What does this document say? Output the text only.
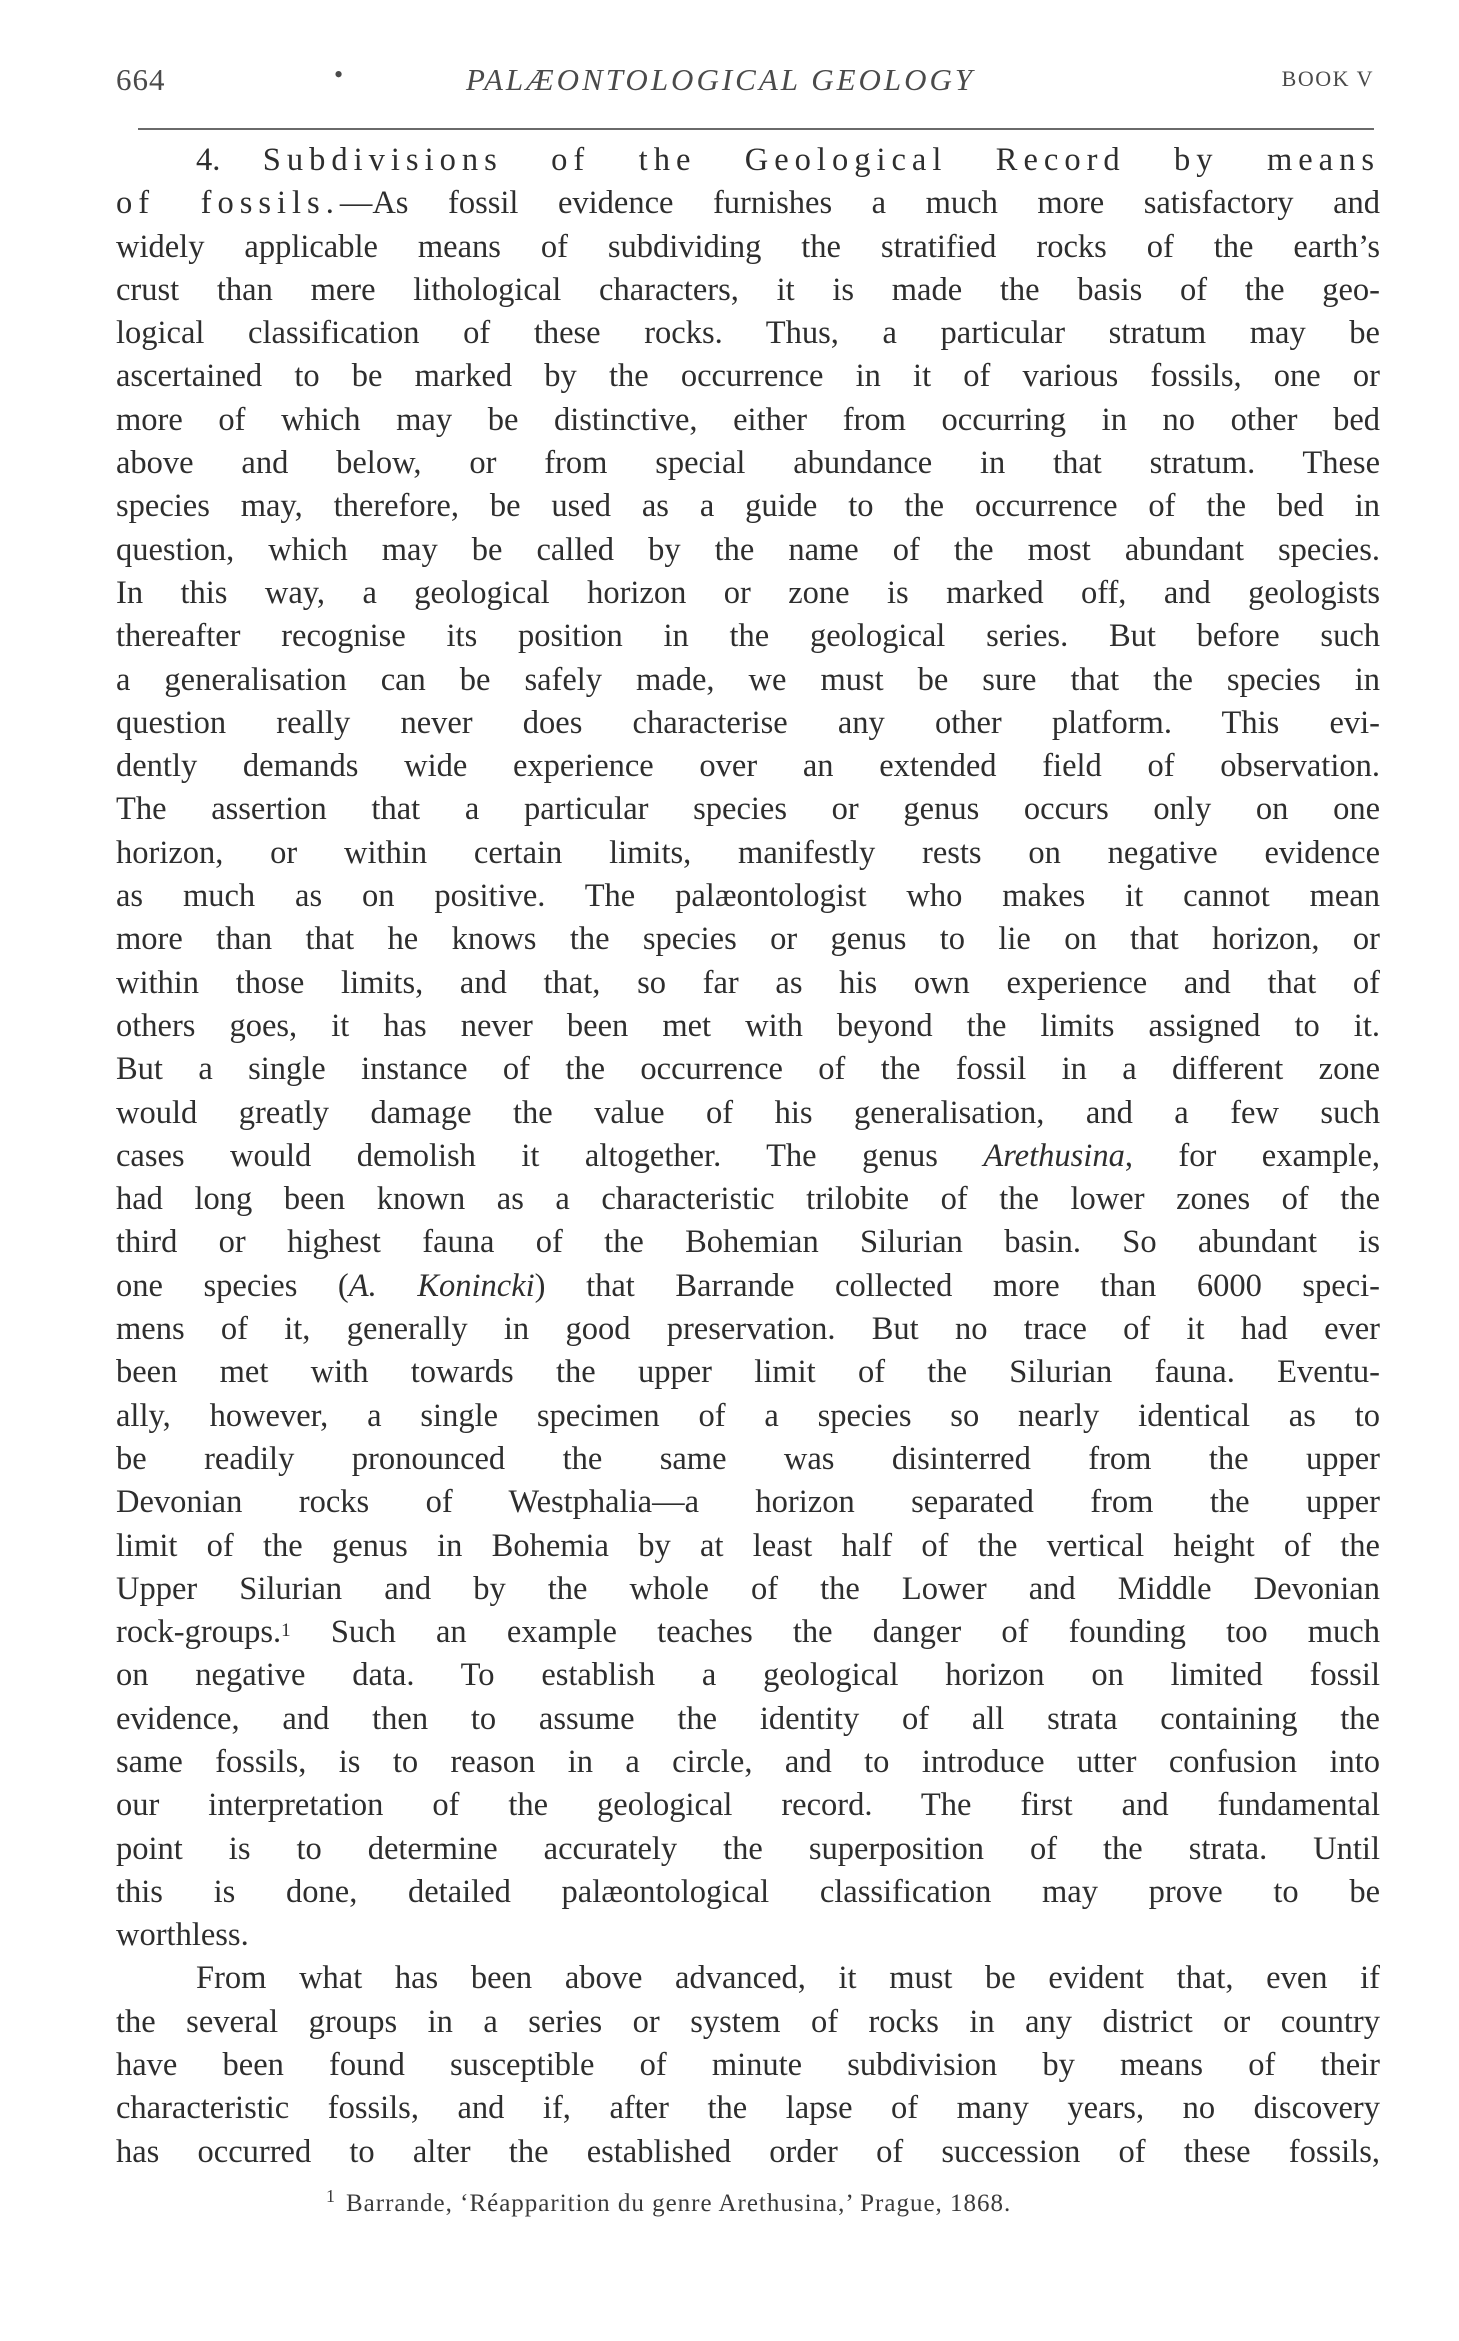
664	•	PALÆONTOLOGICAL GEOLOGY	BOOK V
4. Subdivisions of the Geological Record by means
of fossils.—As fossil evidence furnishes a much more satisfactory and
widely applicable means of subdividing the stratified rocks of the earth’s
crust than mere lithological characters, it is made the basis of the geo-
logical classification of these rocks. Thus, a particular stratum may be
ascertained to be marked by the occurrence in it of various fossils, one or
more of which may be distinctive, either from occurring in no other bed
above and below, or from special abundance in that stratum. These
species may, therefore, be used as a guide to the occurrence of the bed in
question, which may be called by the name of the most abundant species.
In this way, a geological horizon or zone is marked off, and geologists
thereafter recognise its position in the geological series. But before such
a generalisation can be safely made, we must be sure that the species in
question really never does characterise any other platform. This evi-
dently demands wide experience over an extended field of observation.
The assertion that a particular species or genus occurs only on one
horizon, or within certain limits, manifestly rests on negative evidence
as much as on positive. The palæontologist who makes it cannot mean
more than that he knows the species or genus to lie on that horizon, or
within those limits, and that, so far as his own experience and that of
others goes, it has never been met with beyond the limits assigned to it.
But a single instance of the occurrence of the fossil in a different zone
would greatly damage the value of his generalisation, and a few such
cases would demolish it altogether. The genus Arethusina, for example,
had long been known as a characteristic trilobite of the lower zones of the
third or highest fauna of the Bohemian Silurian basin. So abundant is
one species (A. Konincki) that Barrande collected more than 6000 speci-
mens of it, generally in good preservation. But no trace of it had ever
been met with towards the upper limit of the Silurian fauna. Eventu-
ally, however, a single specimen of a species so nearly identical as to
be readily pronounced the same was disinterred from the upper
Devonian rocks of Westphalia—a horizon separated from the upper
limit of the genus in Bohemia by at least half of the vertical height of the
Upper Silurian and by the whole of the Lower and Middle Devonian
rock-groups.$^1$ Such an example teaches the danger of founding too much
on negative data. To establish a geological horizon on limited fossil
evidence, and then to assume the identity of all strata containing the
same fossils, is to reason in a circle, and to introduce utter confusion into
our interpretation of the geological record. The first and fundamental
point is to determine accurately the superposition of the strata. Until
this is done, detailed palæontological classification may prove to be
worthless.
From what has been above advanced, it must be evident that, even if
the several groups in a series or system of rocks in any district or country
have been found susceptible of minute subdivision by means of their
characteristic fossils, and if, after the lapse of many years, no discovery
has occurred to alter the established order of succession of these fossils,
$^1$ Barrande, ‘Réapparition du genre Arethusina,’ Prague, 1868.
